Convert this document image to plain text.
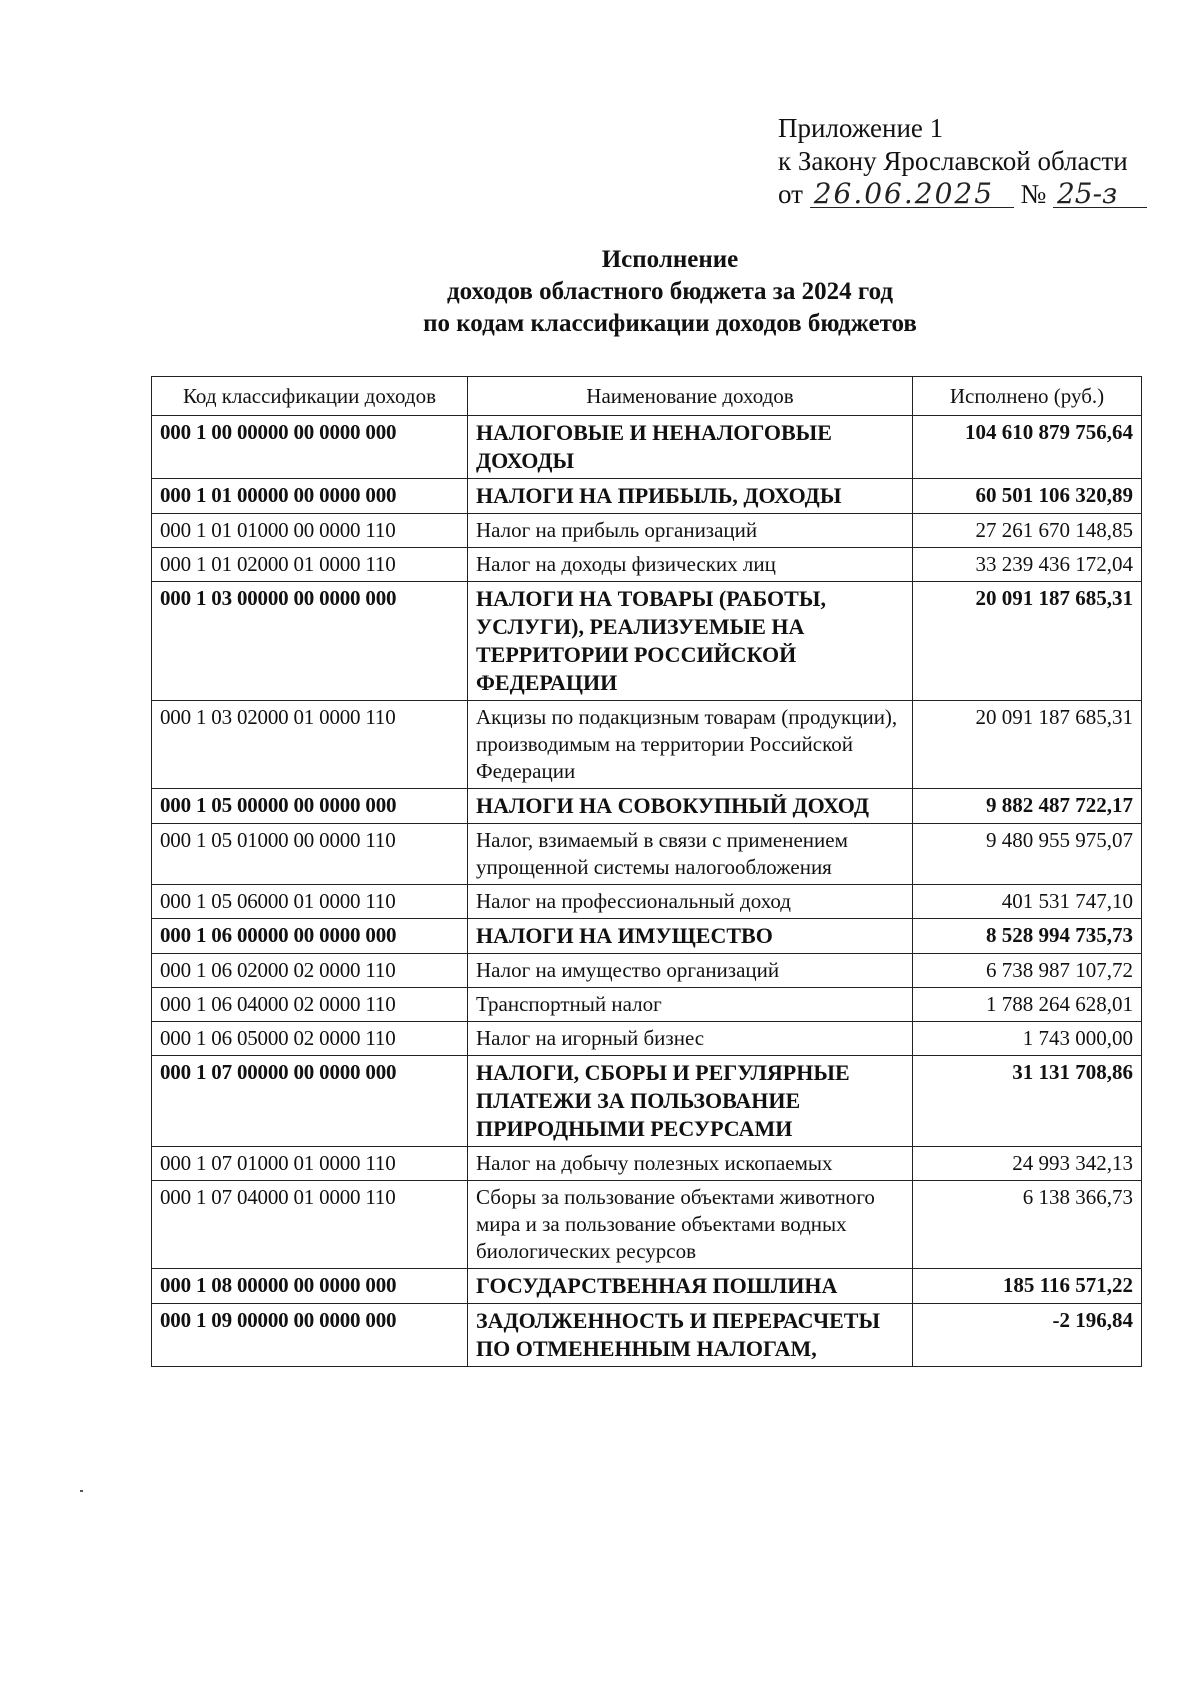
Приложение 1
к Закону Ярославской области
от 26.06.2025 № 25-з
Исполнение
доходов областного бюджета за 2024 год
по кодам классификации доходов бюджетов
Код классификации доходов	Наименование доходов	Исполнено (руб.)
000 1 00 00000 00 0000 000	НАЛОГОВЫЕ И НЕНАЛОГОВЫЕ ДОХОДЫ	104 610 879 756,64
000 1 01 00000 00 0000 000	НАЛОГИ НА ПРИБЫЛЬ, ДОХОДЫ	60 501 106 320,89
000 1 01 01000 00 0000 110	Налог на прибыль организаций	27 261 670 148,85
000 1 01 02000 01 0000 110	Налог на доходы физических лиц	33 239 436 172,04
000 1 03 00000 00 0000 000	НАЛОГИ НА ТОВАРЫ (РАБОТЫ, УСЛУГИ), РЕАЛИЗУЕМЫЕ НА ТЕРРИТОРИИ РОССИЙСКОЙ ФЕДЕРАЦИИ	20 091 187 685,31
000 1 03 02000 01 0000 110	Акцизы по подакцизным товарам (продукции), производимым на территории Российской Федерации	20 091 187 685,31
000 1 05 00000 00 0000 000	НАЛОГИ НА СОВОКУПНЫЙ ДОХОД	9 882 487 722,17
000 1 05 01000 00 0000 110	Налог, взимаемый в связи с применением упрощенной системы налогообложения	9 480 955 975,07
000 1 05 06000 01 0000 110	Налог на профессиональный доход	401 531 747,10
000 1 06 00000 00 0000 000	НАЛОГИ НА ИМУЩЕСТВО	8 528 994 735,73
000 1 06 02000 02 0000 110	Налог на имущество организаций	6 738 987 107,72
000 1 06 04000 02 0000 110	Транспортный налог	1 788 264 628,01
000 1 06 05000 02 0000 110	Налог на игорный бизнес	1 743 000,00
000 1 07 00000 00 0000 000	НАЛОГИ, СБОРЫ И РЕГУЛЯРНЫЕ ПЛАТЕЖИ ЗА ПОЛЬЗОВАНИЕ ПРИРОДНЫМИ РЕСУРСАМИ	31 131 708,86
000 1 07 01000 01 0000 110	Налог на добычу полезных ископаемых	24 993 342,13
000 1 07 04000 01 0000 110	Сборы за пользование объектами животного мира и за пользование объектами водных биологических ресурсов	6 138 366,73
000 1 08 00000 00 0000 000	ГОСУДАРСТВЕННАЯ ПОШЛИНА	185 116 571,22
000 1 09 00000 00 0000 000	ЗАДОЛЖЕННОСТЬ И ПЕРЕРАСЧЕТЫ ПО ОТМЕНЕННЫМ НАЛОГАМ,	-2 196,84
